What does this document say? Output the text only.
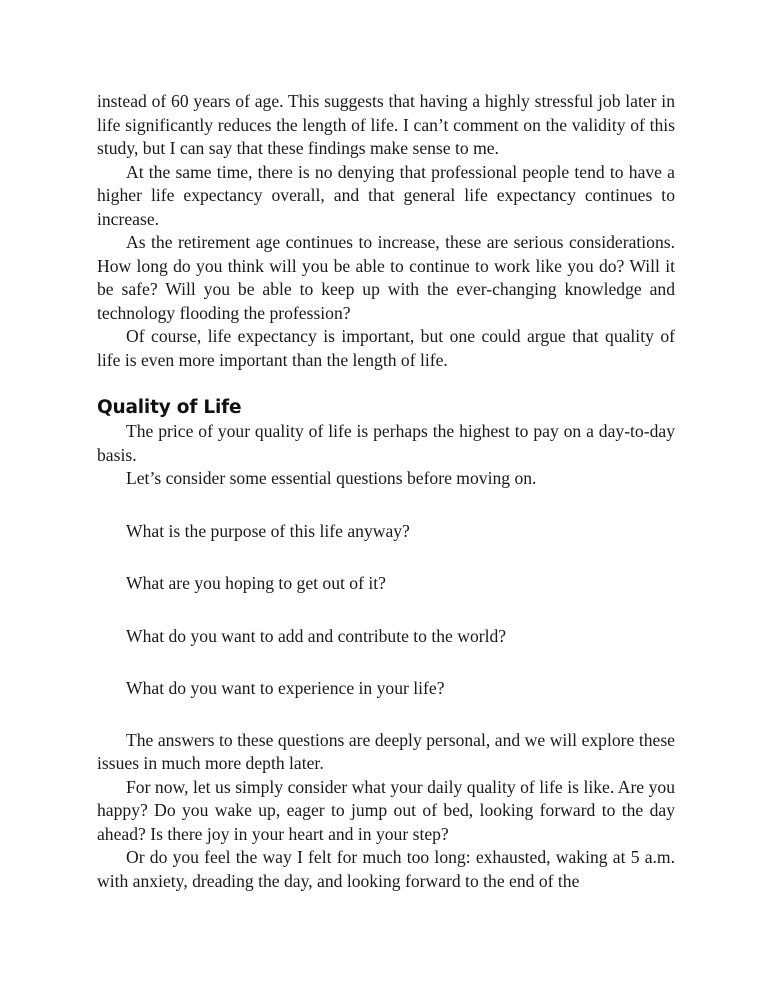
instead of 60 years of age. This suggests that having a highly stressful job later in life significantly reduces the length of life. I can’t comment on the validity of this study, but I can say that these findings make sense to me.

At the same time, there is no denying that professional people tend to have a higher life expectancy overall, and that general life expectancy continues to increase.

As the retirement age continues to increase, these are serious considerations. How long do you think will you be able to continue to work like you do? Will it be safe? Will you be able to keep up with the ever-changing knowledge and technology flooding the profession?

Of course, life expectancy is important, but one could argue that quality of life is even more important than the length of life.

Quality of Life

The price of your quality of life is perhaps the highest to pay on a day-to-day basis.

Let’s consider some essential questions before moving on.

What is the purpose of this life anyway?
What are you hoping to get out of it?
What do you want to add and contribute to the world?
What do you want to experience in your life?

The answers to these questions are deeply personal, and we will explore these issues in much more depth later.

For now, let us simply consider what your daily quality of life is like. Are you happy? Do you wake up, eager to jump out of bed, looking forward to the day ahead? Is there joy in your heart and in your step?

Or do you feel the way I felt for much too long: exhausted, waking at 5 a.m. with anxiety, dreading the day, and looking forward to the end of the
